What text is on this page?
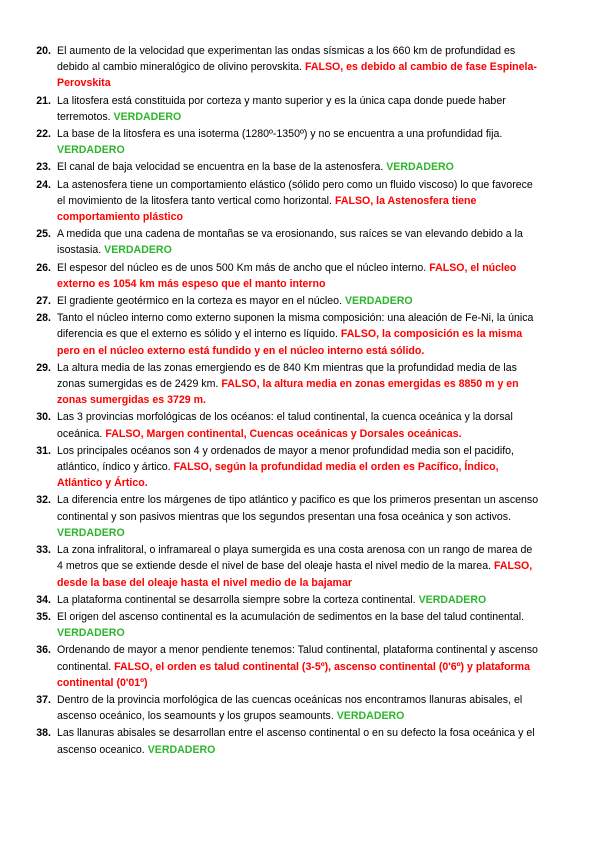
20. El aumento de la velocidad que experimentan las ondas sísmicas a los 660 km de profundidad es debido al cambio mineralógico de olivino perovskita. FALSO, es debido al cambio de fase Espinela-Perovskita
21. La litosfera está constituida por corteza y manto superior y es la única capa donde puede haber terremotos. VERDADERO
22. La base de la litosfera es una isoterma (1280º-1350º) y no se encuentra a una profundidad fija. VERDADERO
23. El canal de baja velocidad se encuentra en la base de la astenosfera. VERDADERO
24. La astenosfera tiene un comportamiento elástico (sólido pero como un fluido viscoso) lo que favorece el movimiento de la litosfera tanto vertical como horizontal. FALSO, la Astenosfera tiene comportamiento plástico
25. A medida que una cadena de montañas se va erosionando, sus raíces se van elevando debido a la isostasia. VERDADERO
26. El espesor del núcleo es de unos 500 Km más de ancho que el núcleo interno. FALSO, el núcleo externo es 1054 km más espeso que el manto interno
27. El gradiente geotérmico en la corteza es mayor en el núcleo. VERDADERO
28. Tanto el núcleo interno como externo suponen la misma composición: una aleación de Fe-Ni, la única diferencia es que el externo es sólido y el interno es líquido. FALSO, la composición es la misma pero en el núcleo externo está fundido y en el núcleo interno está sólido.
29. La altura media de las zonas emergiendo es de 840 Km mientras que la profundidad media de las zonas sumergidas es de 2429 km. FALSO, la altura media en zonas emergidas es 8850 m y en zonas sumergidas es 3729 m.
30. Las 3 provincias morfológicas de los océanos: el talud continental, la cuenca oceánica y la dorsal oceánica. FALSO, Margen continental, Cuencas oceánicas y Dorsales oceánicas.
31. Los principales océanos son 4 y ordenados de mayor a menor profundidad media son el pacidifo, atlántico, índico y ártico. FALSO, según la profundidad media el orden es Pacífico, Índico, Atlántico y Ártico.
32. La diferencia entre los márgenes de tipo atlántico y pacifico es que los primeros presentan un ascenso continental y son pasivos mientras que los segundos presentan una fosa oceánica y son activos. VERDADERO
33. La zona infralitoral, o inframareal o playa sumergida es una costa arenosa con un rango de marea de 4 metros que se extiende desde el nivel de base del oleaje hasta el nivel medio de la marea. FALSO, desde la base del oleaje hasta el nivel medio de la bajamar
34. La plataforma continental se desarrolla siempre sobre la corteza continental. VERDADERO
35. El origen del ascenso continental es la acumulación de sedimentos en la base del talud continental. VERDADERO
36. Ordenando de mayor a menor pendiente tenemos: Talud continental, plataforma continental y ascenso continental. FALSO, el orden es talud continental (3-5º), ascenso continental (0'6º) y plataforma continental (0'01º)
37. Dentro de la provincia morfológica de las cuencas oceánicas nos encontramos llanuras abisales, el ascenso oceánico, los seamounts y los grupos seamounts. VERDADERO
38. Las llanuras abisales se desarrollan entre el ascenso continental o en su defecto la fosa oceánica y el ascenso oceanico. VERDADERO
